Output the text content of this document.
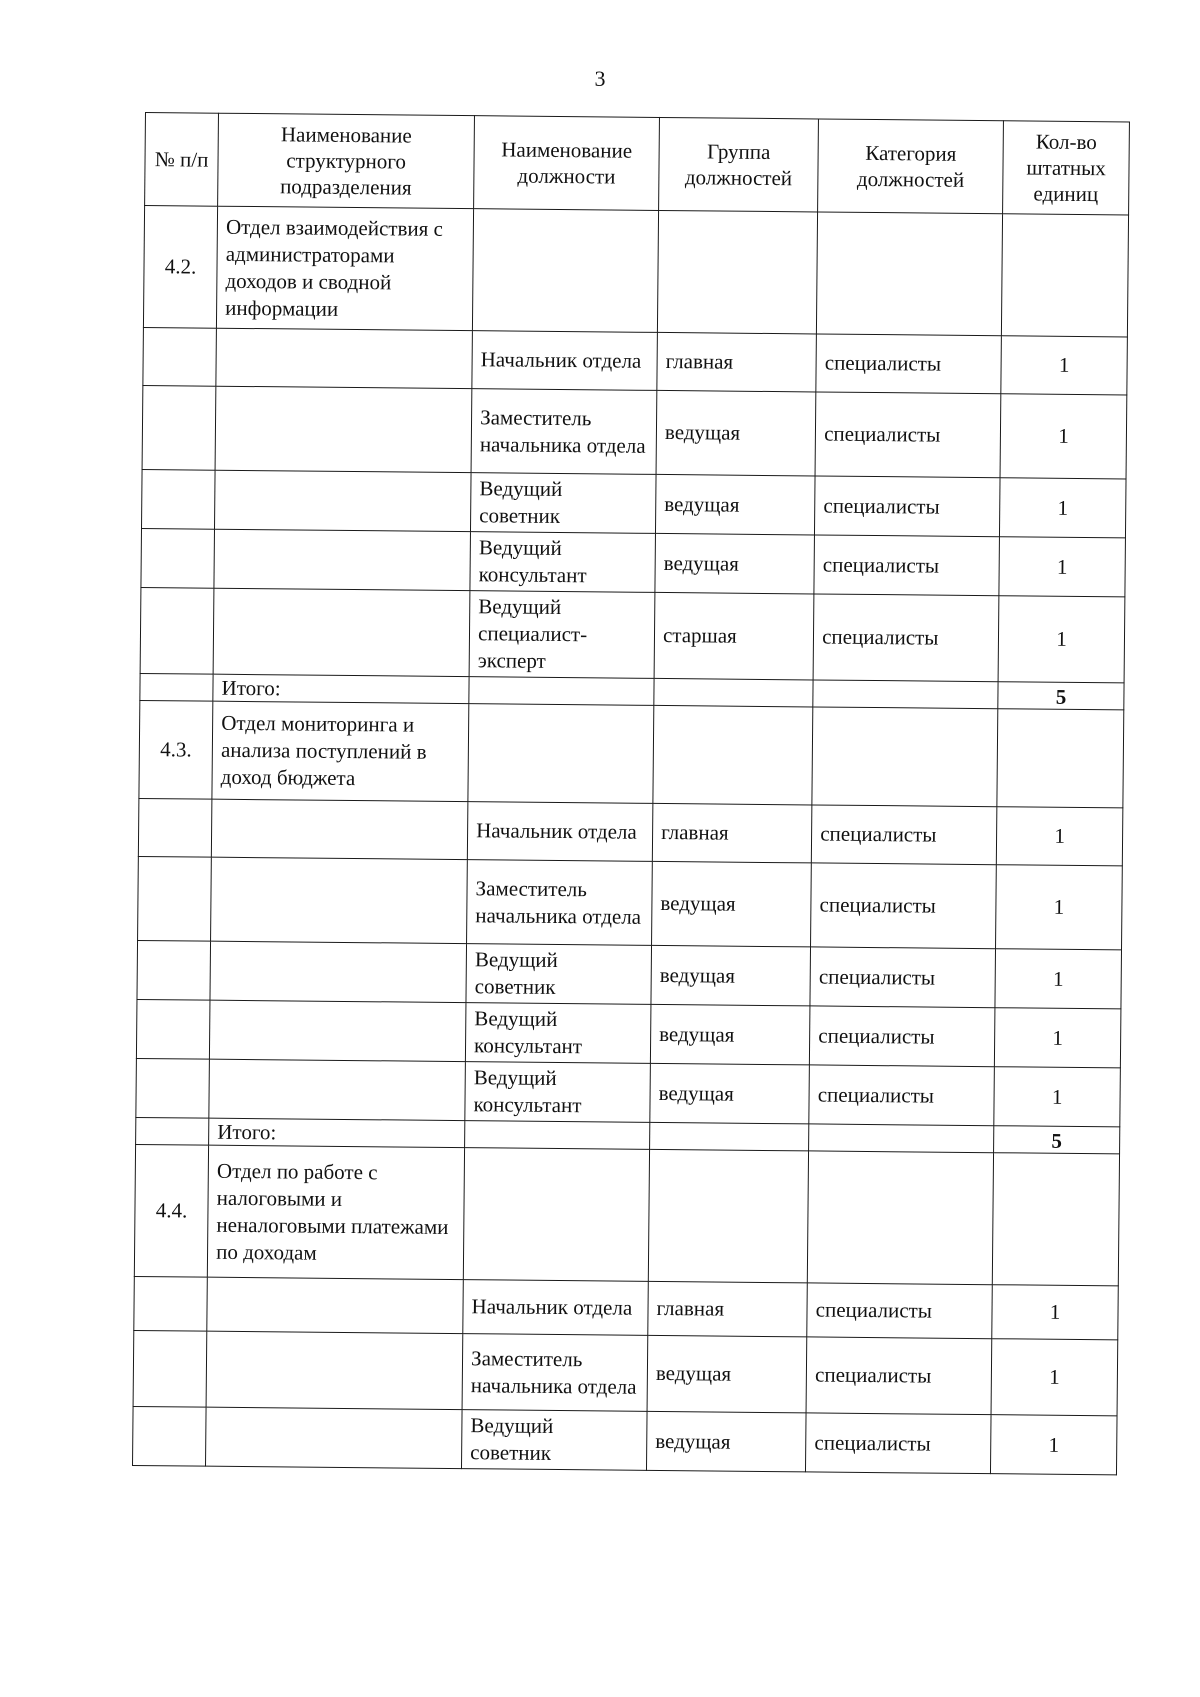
3
№ п/п	Наименование структурного подразделения	Наименование должности	Группа должностей	Категория должностей	Кол-во штатных единиц
4.2.	Отдел взаимодействия с администраторами доходов и сводной информации				
		Начальник отдела	главная	специалисты	1
		Заместитель начальника отдела	ведущая	специалисты	1
		Ведущий советник	ведущая	специалисты	1
		Ведущий консультант	ведущая	специалисты	1
		Ведущий специалист-эксперт	старшая	специалисты	1
	Итого:				5
4.3.	Отдел мониторинга и анализа поступлений в доход бюджета				
		Начальник отдела	главная	специалисты	1
		Заместитель начальника отдела	ведущая	специалисты	1
		Ведущий советник	ведущая	специалисты	1
		Ведущий консультант	ведущая	специалисты	1
		Ведущий консультант	ведущая	специалисты	1
	Итого:				5
4.4.	Отдел по работе с налоговыми и неналоговыми платежами по доходам				
		Начальник отдела	главная	специалисты	1
		Заместитель начальника отдела	ведущая	специалисты	1
		Ведущий советник	ведущая	специалисты	1
